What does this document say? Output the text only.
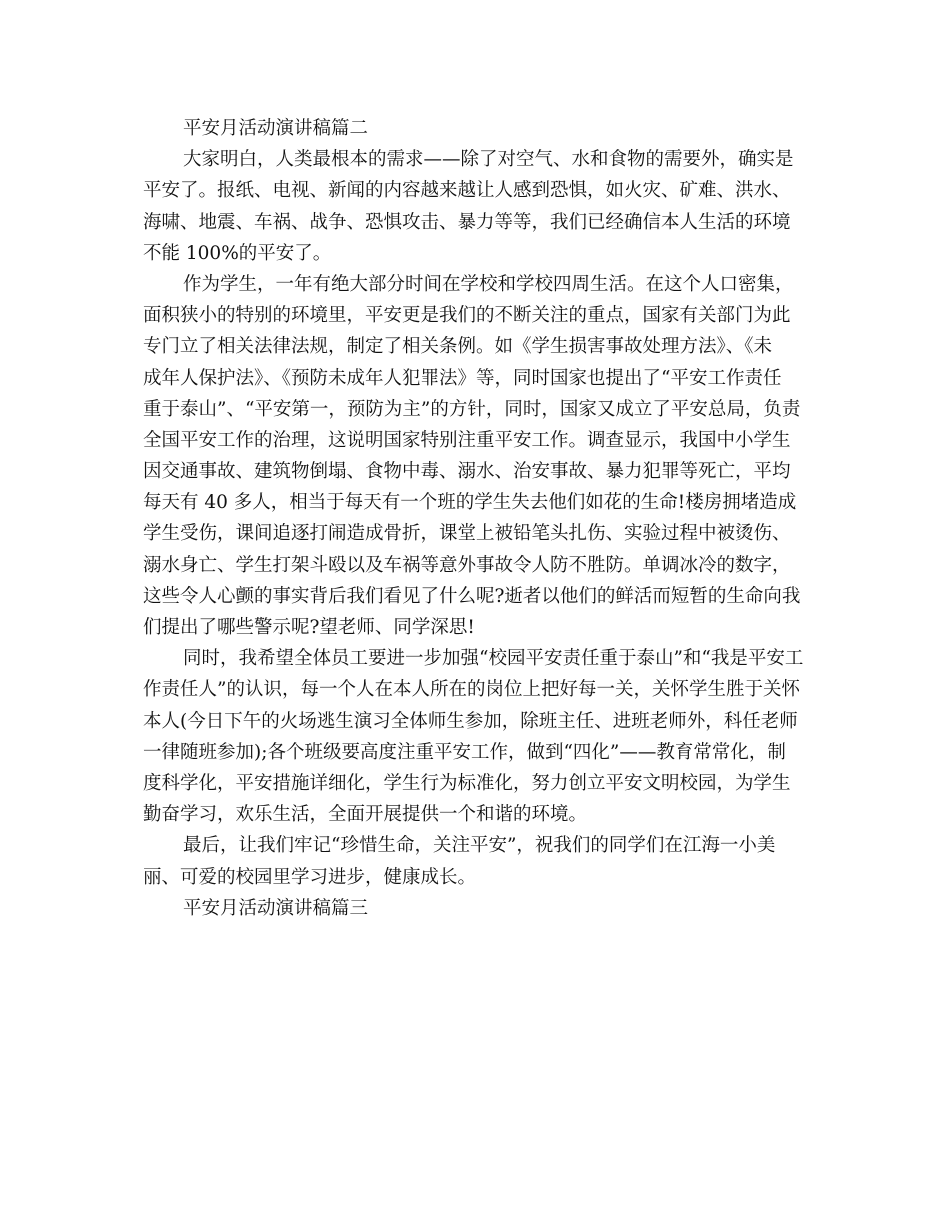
平安月活动演讲稿篇二
大家明白，人类最根本的需求——除了对空气、水和食物的需要外，确实是
平安了。报纸、电视、新闻的内容越来越让人感到恐惧，如火灾、矿难、洪水、
海啸、地震、车祸、战争、恐惧攻击、暴力等等，我们已经确信本人生活的环境
不能 100%的平安了。
作为学生，一年有绝大部分时间在学校和学校四周生活。在这个人口密集，
面积狭小的特别的环境里，平安更是我们的不断关注的重点，国家有关部门为此
专门立了相关法律法规，制定了相关条例。如《学生损害事故处理方法》、《未
成年人保护法》、《预防未成年人犯罪法》等，同时国家也提出了“平安工作责任
重于泰山”、“平安第一，预防为主”的方针，同时，国家又成立了平安总局，负责
全国平安工作的治理，这说明国家特别注重平安工作。调查显示，我国中小学生
因交通事故、建筑物倒塌、食物中毒、溺水、治安事故、暴力犯罪等死亡，平均
每天有 40 多人，相当于每天有一个班的学生失去他们如花的生命!楼房拥堵造成
学生受伤，课间追逐打闹造成骨折，课堂上被铅笔头扎伤、实验过程中被烫伤、
溺水身亡、学生打架斗殴以及车祸等意外事故令人防不胜防。单调冰冷的数字，
这些令人心颤的事实背后我们看见了什么呢?逝者以他们的鲜活而短暂的生命向我
们提出了哪些警示呢?望老师、同学深思!
同时，我希望全体员工要进一步加强“校园平安责任重于泰山”和“我是平安工
作责任人”的认识，每一个人在本人所在的岗位上把好每一关，关怀学生胜于关怀
本人(今日下午的火场逃生演习全体师生参加，除班主任、进班老师外，科任老师
一律随班参加);各个班级要高度注重平安工作，做到“四化”——教育常常化，制
度科学化，平安措施详细化，学生行为标准化，努力创立平安文明校园，为学生
勤奋学习，欢乐生活，全面开展提供一个和谐的环境。
最后，让我们牢记“珍惜生命，关注平安”，祝我们的同学们在江海一小美
丽、可爱的校园里学习进步，健康成长。
平安月活动演讲稿篇三
